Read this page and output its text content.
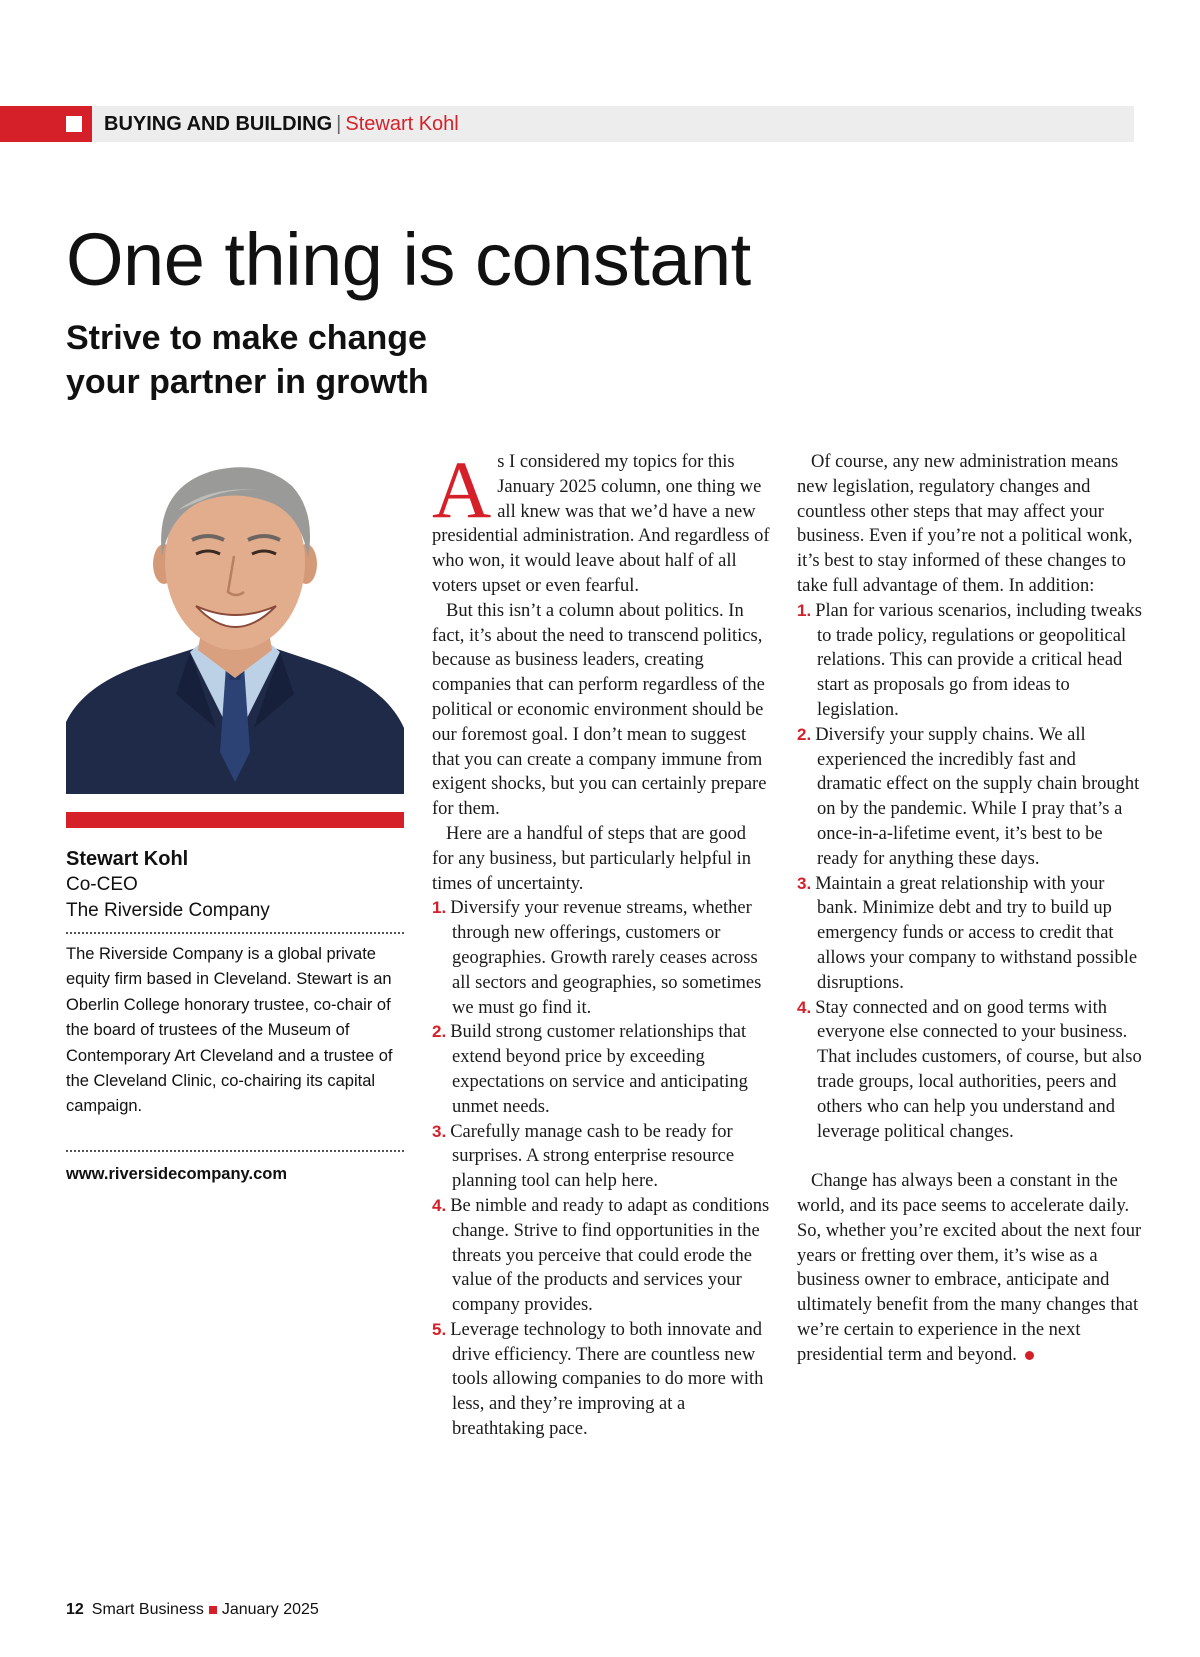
BUYING AND BUILDING | Stewart Kohl
One thing is constant
Strive to make change
your partner in growth
Stewart Kohl
Co-CEO
The Riverside Company

The Riverside Company is a global private equity firm based in Cleveland. Stewart is an Oberlin College honorary trustee, co-chair of the board of trustees of the Museum of Contemporary Art Cleveland and a trustee of the Cleveland Clinic, co-chairing its capital campaign.

www.riversidecompany.com

As I considered my topics for this January 2025 column, one thing we all knew was that we’d have a new presidential administration. And regardless of who won, it would leave about half of all voters upset or even fearful.

But this isn’t a column about politics. In fact, it’s about the need to transcend politics, because as business leaders, creating companies that can perform regardless of the political or economic environment should be our foremost goal. I don’t mean to suggest that you can create a company immune from exigent shocks, but you can certainly prepare for them.

Here are a handful of steps that are good for any business, but particularly helpful in times of uncertainty.

1. Diversify your revenue streams, whether through new offerings, customers or geographies. Growth rarely ceases across all sectors and geographies, so sometimes we must go find it.
2. Build strong customer relationships that extend beyond price by exceeding expectations on service and anticipating unmet needs.
3. Carefully manage cash to be ready for surprises. A strong enterprise resource planning tool can help here.
4. Be nimble and ready to adapt as conditions change. Strive to find opportunities in the threats you perceive that could erode the value of the products and services your company provides.
5. Leverage technology to both innovate and drive efficiency. There are countless new tools allowing companies to do more with less, and they’re improving at a breathtaking pace.

Of course, any new administration means new legislation, regulatory changes and countless other steps that may affect your business. Even if you’re not a political wonk, it’s best to stay informed of these changes to take full advantage of them. In addition:

1. Plan for various scenarios, including tweaks to trade policy, regulations or geopolitical relations. This can provide a critical head start as proposals go from ideas to legislation.
2. Diversify your supply chains. We all experienced the incredibly fast and dramatic effect on the supply chain brought on by the pandemic. While I pray that’s a once-in-a-lifetime event, it’s best to be ready for anything these days.
3. Maintain a great relationship with your bank. Minimize debt and try to build up emergency funds or access to credit that allows your company to withstand possible disruptions.
4. Stay connected and on good terms with everyone else connected to your business. That includes customers, of course, but also trade groups, local authorities, peers and others who can help you understand and leverage political changes.

Change has always been a constant in the world, and its pace seems to accelerate daily. So, whether you’re excited about the next four years or fretting over them, it’s wise as a business owner to embrace, anticipate and ultimately benefit from the many changes that we’re certain to experience in the next presidential term and beyond.

12 Smart Business January 2025
